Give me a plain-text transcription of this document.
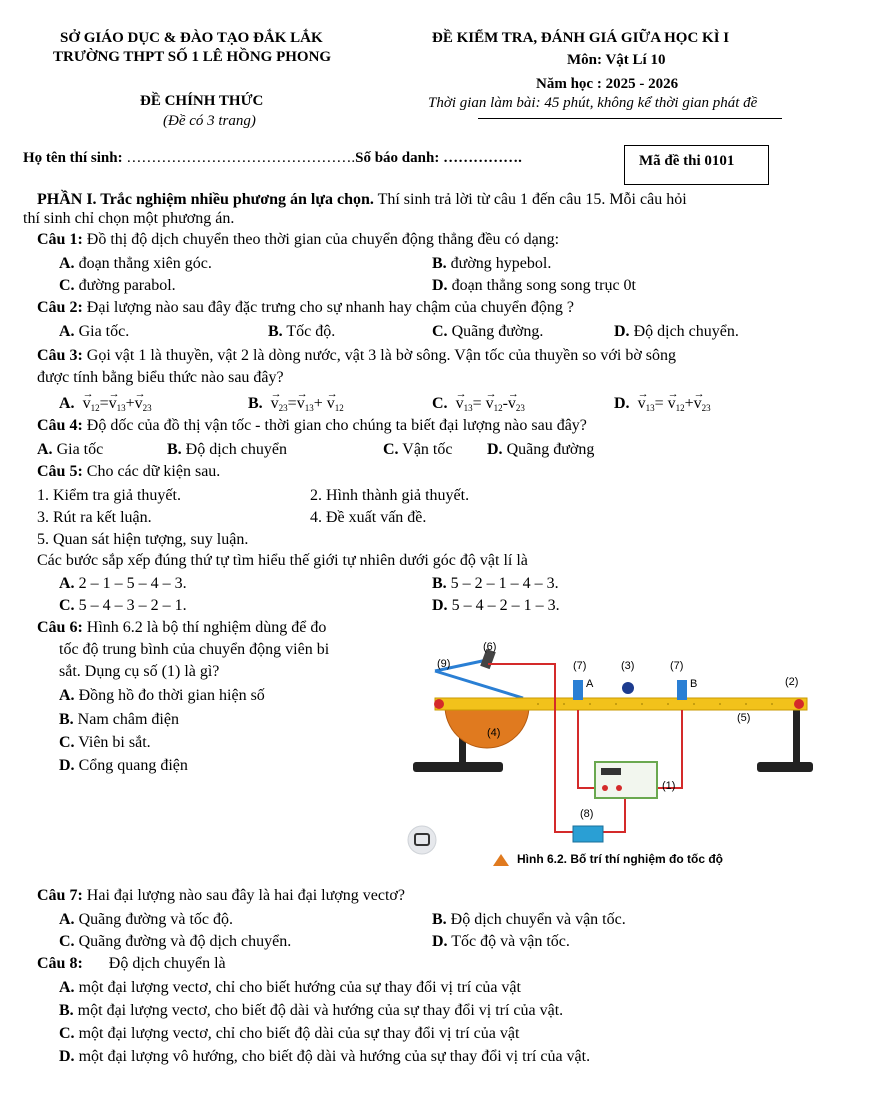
SỞ GIÁO DỤC & ĐÀO TẠO ĐẮK LẮK
TRƯỜNG THPT SỐ 1 LÊ HỒNG PHONG
ĐỀ CHÍNH THỨC
(Đề có 3 trang)
ĐỀ KIỂM TRA, ĐÁNH GIÁ GIỮA HỌC KÌ I
Môn: Vật Lí 10
Năm học : 2025 - 2026
Thời gian làm bài: 45 phút, không kể thời gian phát đề
Họ tên thí sinh: ……………………………………….Số báo danh: …………….	Mã đề thi 0101
PHẦN I. Trắc nghiệm nhiều phương án lựa chọn. Thí sinh trả lời từ câu 1 đến câu 15. Mỗi câu hỏi
thí sinh chỉ chọn một phương án.
Câu 1: Đồ thị độ dịch chuyển theo thời gian của chuyển động thẳng đều có dạng:
A. đoạn thẳng xiên góc.	B. đường hypebol.
C. đường parabol.	D. đoạn thẳng song song trục 0t
Câu 2: Đại lượng nào sau đây đặc trưng cho sự nhanh hay chậm của chuyển động ?
A. Gia tốc.	B. Tốc độ.	C. Quãng đường.	D. Độ dịch chuyển.
Câu 3: Gọi vật 1 là thuyền, vật 2 là dòng nước, vật 3 là bờ sông. Vận tốc của thuyền so với bờ sông
được tính bằng biểu thức nào sau đây?
A. → $v_{12}=\to v_{13}+\to v_{23}$	B. → $v_{23}=\to v_{13}+ \to v_{12}$	C. → $v_{13}= \to v_{12}-\to v_{23}$	D. → $v_{13}= \to v_{12}+\to v_{23}$
Câu 4: Độ dốc của đồ thị vận tốc - thời gian cho chúng ta biết đại lượng nào sau đây?
A. Gia tốc	B. Độ dịch chuyển	C. Vận tốc D. Quãng đường
Câu 5: Cho các dữ kiện sau.
1. Kiểm tra giả thuyết.	2. Hình thành giả thuyết.
3. Rút ra kết luận.	4. Đề xuất vấn đề.
5. Quan sát hiện tượng, suy luận.
Các bước sắp xếp đúng thứ tự tìm hiểu thế giới tự nhiên dưới góc độ vật lí là
A. 2 – 1 – 5 – 4 – 3.	B. 5 – 2 – 1 – 4 – 3.
C. 5 – 4 – 3 – 2 – 1.	D. 5 – 4 – 2 – 1 – 3.
Câu 6: Hình 6.2 là bộ thí nghiệm dùng để đo
tốc độ trung bình của chuyển động viên bi
sắt. Dụng cụ số (1) là gì?
A. Đồng hồ đo thời gian hiện số
B. Nam châm điện
C. Viên bi sắt.
D. Cổng quang điện
(6)
(9)	(7)	(3)	(7)
(2)
(5)
(4)
(1)
(8)
A	B
Hình 6.2. Bố trí thí nghiệm đo tốc độ
Câu 7: Hai đại lượng nào sau đây là hai đại lượng vectơ?
A. Quãng đường và tốc độ.	B. Độ dịch chuyển và vận tốc.
C. Quãng đường và độ dịch chuyển.	D. Tốc độ và vận tốc.
Câu 8: Độ dịch chuyển là
A. một đại lượng vectơ, chỉ cho biết hướng của sự thay đổi vị trí của vật
B. một đại lượng vectơ, cho biết độ dài và hướng của sự thay đổi vị trí của vật.
C. một đại lượng vectơ, chỉ cho biết độ dài của sự thay đổi vị trí của vật
D. một đại lượng vô hướng, cho biết độ dài và hướng của sự thay đổi vị trí của vật.
